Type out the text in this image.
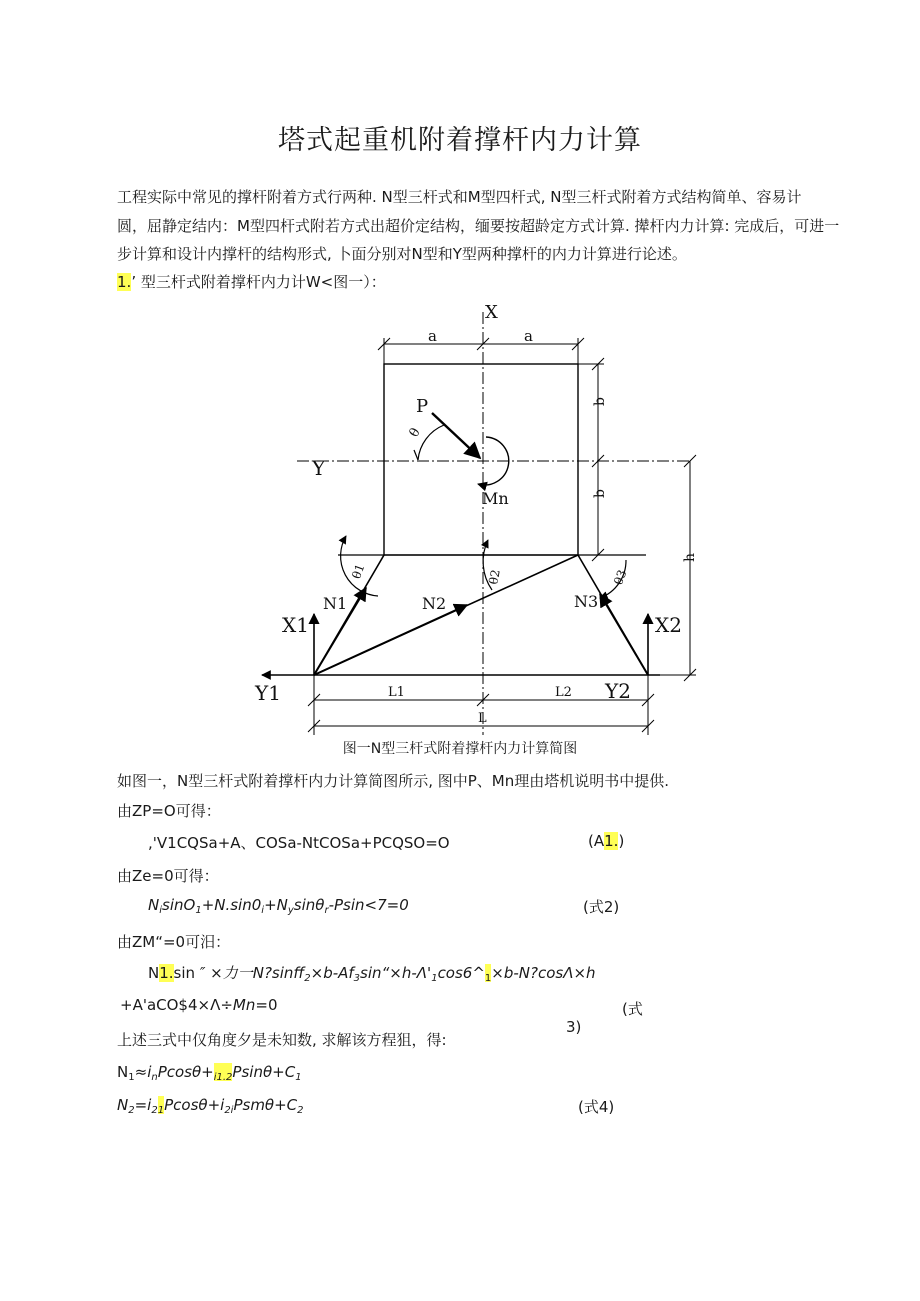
塔式起重机附着撑杆内力计算
工程实际中常见的撑杆附着方式行两种. N型三杆式和M型四杆式, N型三杆式附着方式结构简单、容易计
圆，屈静定结内：M型四杆式附若方式出超价定结构，缅要按超龄定方式计算. 撵杆内力计算: 完成后，可进一
步计算和设计内撑杆的结构形式, 卜面分别对N型和Y型两种撑杆的内力计算进行论述。
1.’ 型三杆式附着撑杆内力计W<图一）：
X
a	a
Y
P
θ
Mn
b
b
h
θ1	θ2	θ3
N1	N2	N3
X1	X2
Y1	Y2
L1	L2
L
图一N型三杆式附着撑杆内力计算简图
如图一，N型三杆式附着撑杆内力计算简图所示, 图中P、Mn理由塔机说明书中提供.
由ZP=O可得：
,'V1CQSa+A、COSa-NtCOSa+PCQSO=O	(A1.)
由Ze=0可得：
$N_i\sin O_1+N.\sin 0_i+N_y\sin\theta_r-Psin<7=0$	(式2)
由ZM“=0可汨：
N1.sin ″ ×力一$N?sinff_2\times b-Af_3\sin“\times h-\Lambda'_1\cos 6\^{}_1\times b-N?\cos\Lambda\times h$
+A'aCO$4×Λ÷Mn=0	(式
3)
上述三式中仅角度夕是未知数, 求解该方程狙，得:
$N_1\approx i_nPcos\theta+_{i1.2}Psin\theta+C_1$
$N_2=i_{21}Pcos\theta+i_{2i}Psm\theta+C_2$	(式4)
